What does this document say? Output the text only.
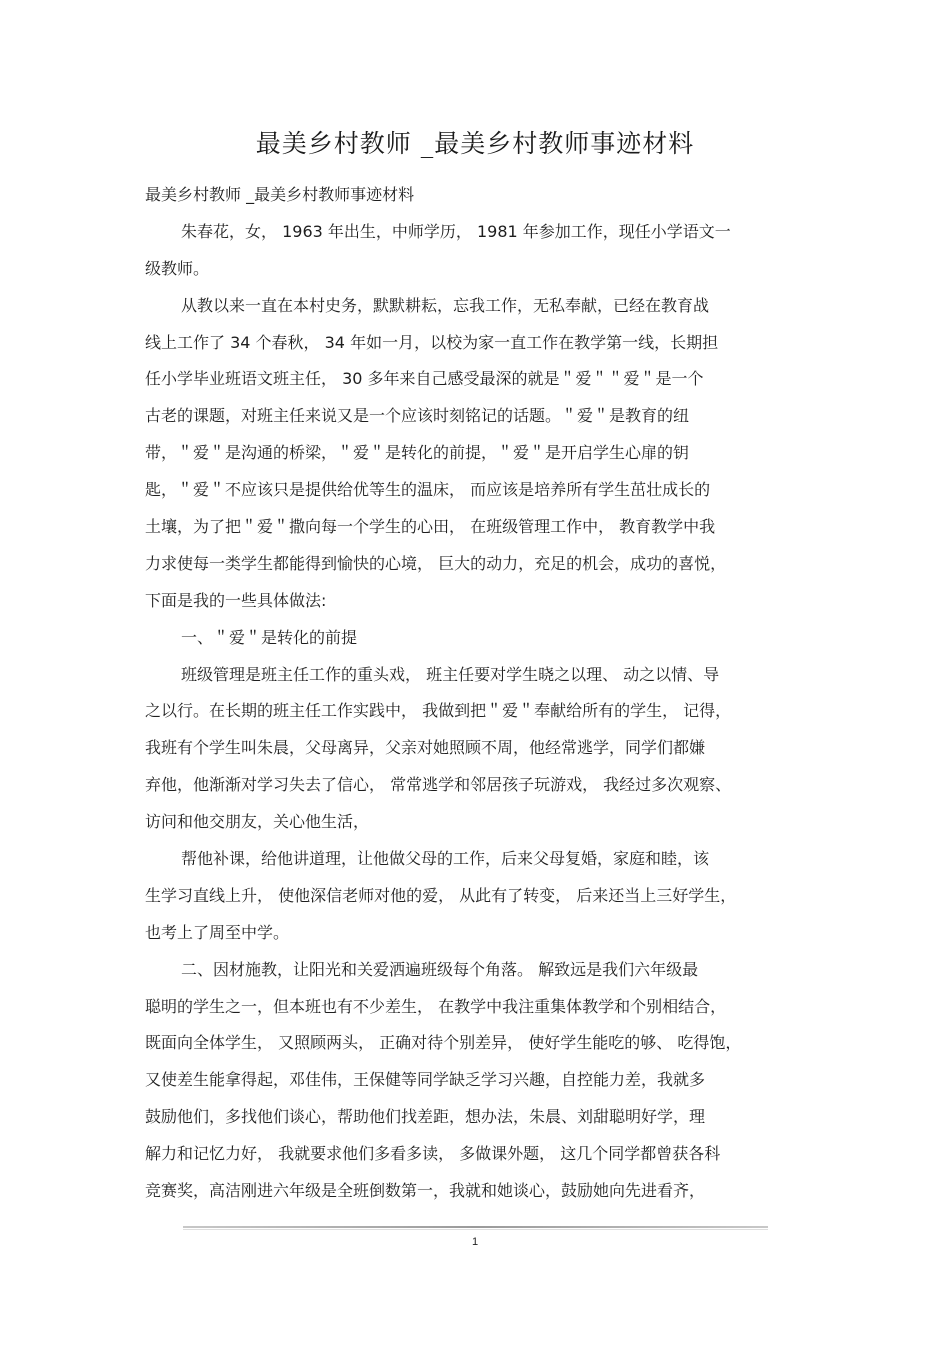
最美乡村教师 _最美乡村教师事迹材料
最美乡村教师 _最美乡村教师事迹材料
朱春花，女， 1963 年出生，中师学历， 1981 年参加工作，现任小学语文一
级教师。
从教以来一直在本村史务，默默耕耘，忘我工作，无私奉献，已经在教育战
线上工作了 34 个春秋， 34 年如一月，以校为家一直工作在教学第一线，长期担
任小学毕业班语文班主任， 30 多年来自己感受最深的就是＂爱＂＂爱＂是一个
古老的课题，对班主任来说又是一个应该时刻铭记的话题。＂爱＂是教育的纽
带，＂爱＂是沟通的桥梁，＂爱＂是转化的前提，＂爱＂是开启学生心扉的钥
匙，＂爱＂不应该只是提供给优等生的温床， 而应该是培养所有学生茁壮成长的
土壤，为了把＂爱＂撒向每一个学生的心田， 在班级管理工作中， 教育教学中我
力求使每一类学生都能得到愉快的心境， 巨大的动力，充足的机会，成功的喜悦，
下面是我的一些具体做法:
一、＂爱＂是转化的前提
班级管理是班主任工作的重头戏， 班主任要对学生晓之以理、 动之以情、导
之以行。在长期的班主任工作实践中， 我做到把＂爱＂奉献给所有的学生， 记得，
我班有个学生叫朱晨，父母离异，父亲对她照顾不周，他经常逃学，同学们都嫌
弃他，他渐渐对学习失去了信心， 常常逃学和邻居孩子玩游戏， 我经过多次观察、
访问和他交朋友，关心他生活，
帮他补课，给他讲道理，让他做父母的工作，后来父母复婚，家庭和睦，该
生学习直线上升， 使他深信老师对他的爱， 从此有了转变， 后来还当上三好学生，
也考上了周至中学。
二、因材施教，让阳光和关爱洒遍班级每个角落。 解致远是我们六年级最
聪明的学生之一，但本班也有不少差生， 在教学中我注重集体教学和个别相结合，
既面向全体学生， 又照顾两头， 正确对待个别差异， 使好学生能吃的够、 吃得饱，
又使差生能拿得起，邓佳伟，王保健等同学缺乏学习兴趣，自控能力差，我就多
鼓励他们，多找他们谈心，帮助他们找差距，想办法，朱晨、刘甜聪明好学，理
解力和记忆力好， 我就要求他们多看多读， 多做课外题， 这几个同学都曾获各科
竞赛奖，高洁刚进六年级是全班倒数第一，我就和她谈心，鼓励她向先进看齐，
1
